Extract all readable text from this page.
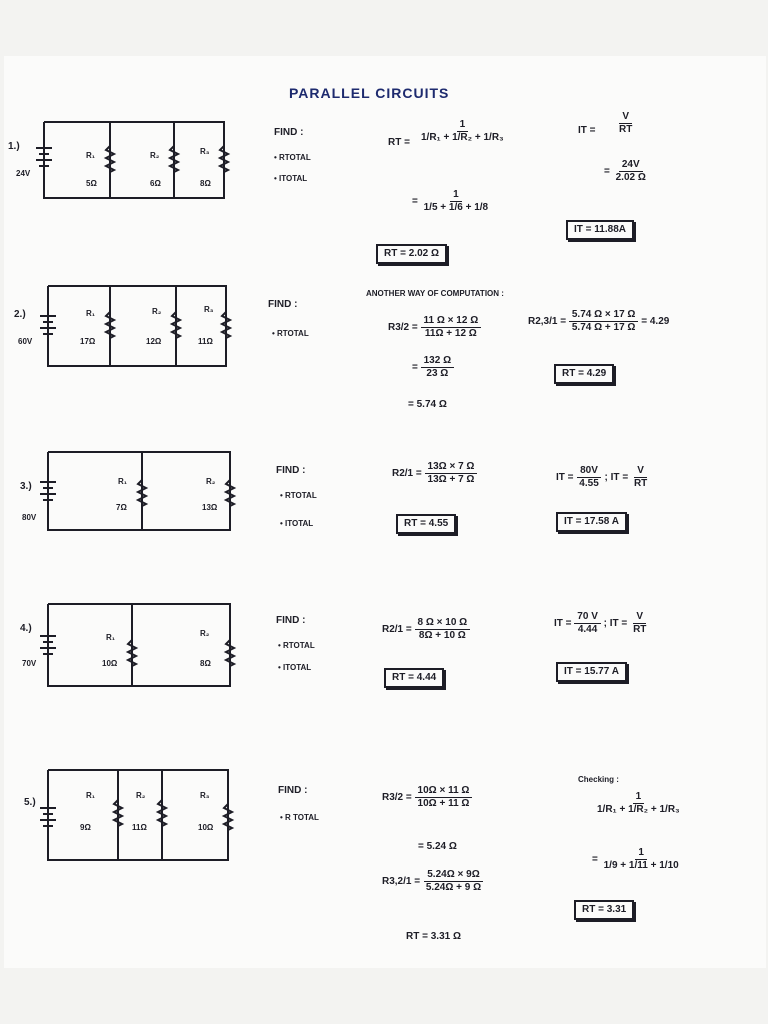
PARALLEL CIRCUITS
1.)
24V
R₁
5Ω
R₂
6Ω
R₃
8Ω
FIND :
• RTOTAL
• ITOTAL
RT = $\frac{1}{\text{1/R₁ + 1/R₂ + 1/R₃}}$
= $\frac{1}{1/5 + 1/6 + 1/8}$
RT = 2.02 Ω
IT = $\frac{V}{RT}$
= $\frac{24V}{2.02 \Omega}$
IT = 11.88A
2.)
60V
R₁
17Ω
R₂
12Ω
R₃
11Ω
FIND :
• RTOTAL
ANOTHER WAY OF COMPUTATION :
$R3/2 = \frac{11 \Omega \times 12 \Omega}{11\Omega + 12 \Omega}$
= $\frac{132 \Omega}{23 \Omega}$
= 5.74 Ω
$R2,3/1 = \frac{5.74 \Omega \times 17 \Omega}{5.74 \Omega + 17 \Omega} = 4.29$
RT = 4.29
3.)
80V
R₁
7Ω
R₂
13Ω
FIND :
• RTOTAL
• ITOTAL
$R2/1 = \frac{13\Omega \times 7 \Omega}{13\Omega + 7 \Omega}$
RT = 4.55
IT = $\frac{80V}{4.55}$ ; IT = $\frac{V}{RT}$
IT = 17.58 A
4.)
70V
R₁
10Ω
R₂
8Ω
FIND :
• RTOTAL
• ITOTAL
$R2/1 = \frac{8 \Omega \times 10 \Omega}{8\Omega + 10 \Omega}$
RT = 4.44
IT = $\frac{70 V}{4.44}$ ; IT = $\frac{V}{RT}$
IT = 15.77 A
5.)
R₁
9Ω
R₂
11Ω
R₃
10Ω
FIND :
• R TOTAL
$R3/2 = \frac{10\Omega \times 11 \Omega}{10\Omega + 11 \Omega}$
= 5.24 Ω
$R3,2/1 = \frac{5.24\Omega \times 9\Omega}{5.24\Omega + 9 \Omega}$
RT = 3.31 Ω
Checking :
$\frac{1}{\text{1/R₁ + 1/R₂ + 1/R₃}}$
= $\frac{1}{1/9 + 1/11 + 1/10}$
RT = 3.31
